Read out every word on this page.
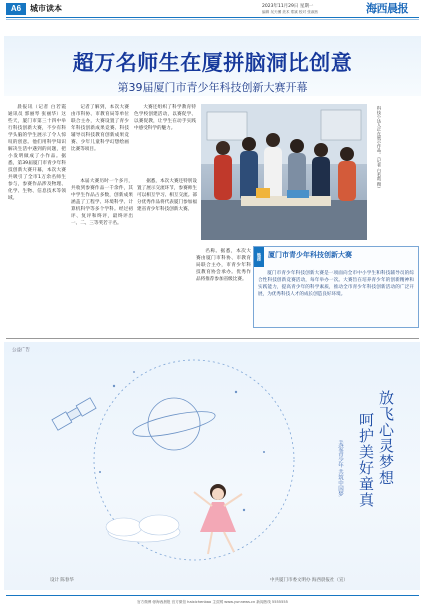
A6	城市读本	2023年11月29日 星期一
编辑 吴天骥 美术 郑斌 校对 张淑茜	海西晨报
超万名师生在厦拼脑洞比创意
第39届厦门市青少年科技创新大赛开幕
晨报讯（记者 白若霞 通讯员 郭丽琴 张丽华）这些天，厦门市第三十四中举行科技创新大赛，不少有科学头脑的学生展示了令人惊叹的创意。他们用科学知识解决生活中遇到的问题，把小发明做成了小作品。据悉，第39届厦门市青少年科技创新大赛开幕，本次大赛共吸引了全市1万余名师生参与，参赛作品涉及物理、化学、生物、信息技术等领域。
记者了解到，本次大赛由市科协、市教育局等单位联合主办，大赛设置了青少年科技创新成果竞赛、科技辅导员科技教育创新成果竞赛、少年儿童科学幻想绘画比赛等项目。
大赛还组织了科学教育特色学校创建活动，以赛促学、以赛促教，让学生在动手实践中感受科学的魅力。
本届大赛历时一个多月，共收到参赛作品一千余件，其中学生作品占多数，创新成果涵盖了工程学、环境科学、计算机科学等多个学科。经过初评、复评和终评，最终评出一、二、三等奖若干名。
据悉，本次大赛还特别设置了展示交流环节，参赛师生可以相互学习、相互交流。部分优秀作品将代表厦门参加福建省青少年科技创新大赛。
名称。据悉，本次大赛由厦门市科协、市教育局联合主办，市青少年科技教育协会承办。优秀作品将推荐参加省级比赛。
科技小达人正在展示作品。（记者 白若霞 摄）
链接 厦门市青少年科技创新大赛
厦门市青少年科技创新大赛是一项面向全市中小学生和科技辅导员的综合性科技创新竞赛活动，每年举办一次。大赛旨在培养青少年的创新精神和实践能力，提高青少年的科学素质，推动全市青少年科技创新活动的广泛开展，为优秀科技人才的成长创造良好环境。
公益广告
放飞心灵梦想
呵护美好童真
关爱青少年 共筑中国梦
设计 陈春华	中共厦门市委文明办 海西晨报社（宣）
官方微博 @海西晨报 官方微信 haixichenbao 主页网 www.yunnews.cn 新闻热线 5555555
